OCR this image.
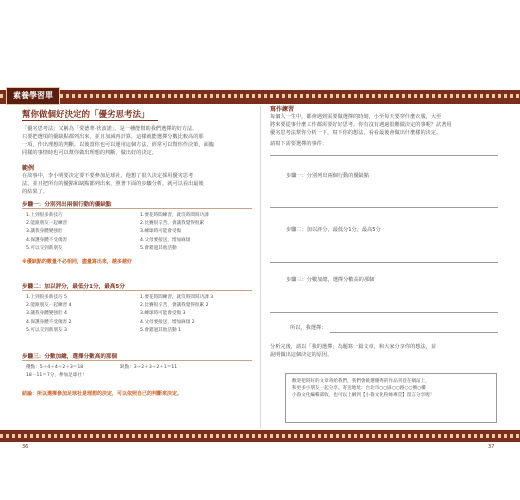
素養學習單
幫你做個好決定的「優劣思考法」
「優劣思考法」又稱為「愛德華·狄波諾」，是一種能幫助我們選擇的好方法，
只要把選項的優缺點都列出來，並且加減再計算，這樣就能選擇分數比較高的那
一項，作出理想的判斷。以後當你也可以運用這個方法，經常可以幫你作決策，面臨
同樣的事情時也可以幫你做出理想的判斷，做出好的決定。
範例
在故事中，李小明要決定要不要參加足球社，他想了很久決定採用優劣思考
法，並且把所有的優點和缺點都列出來，照著下面的步驟分析，就可以看出最後
的結果了。
步驟一：分別列出兩個行動的優缺點
1.上到很多新技巧
2.能跟朋友一起練習
3.讓我身體變強壯
4.保護身體不受傷害
5.可以交到新朋友
1.要花時間練習，就沒時間寫功課
2.比賽很辛苦，會讓我覺得很累
3.練球時可能會受傷
4.父母要接送，增加麻煩
5.會錯過其他活動
※優缺點的數量不必相同，盡量寫出來，越多越好
步驟二：加以評分，最低分1分，最高5分
1.上到很多新技巧 5
2.能跟朋友一起練習 4
3.讓我身體變強壯 4
4.保護身體不受傷害 2
5.可以交到新朋友 3
1.要花時間練習，就沒時間寫功課 3
2.比賽很辛苦，會讓我覺得很累 2
3.練球時可能會受傷 3
4.父母要接送，增加麻煩 2
5.會錯過其他活動 1
步驟三：分數加總，選擇分數高的那個
優點：5＋4＋4＋2＋3＝18
18－11＝7分，參加足球社！
缺點：3＋2＋3＋2＋1＝11
結論：所以選擇參加足球社是理想的決定，可以依照自己的判斷來決定。
寫作練習
每個人一生中，都會遇到需要做選擇的時刻，小至每天要穿什麼衣服，大至
將來要從事什麼工作都需要好好思考。你有沒有遇過很難做決定的事呢？試著用
優劣思考法幫你分析一下，寫下你的想法，看看最後會做出什麼樣的決定。
請寫下需要選擇的事件：
步驟一：分別列出兩個行動的優缺點
步驟二：加以評分，最低分1分，最高5分
步驟三：分數加總，選擇分數高的那個
所以，我選擇：
分析完後，請以「我的選擇」為題寫一篇文章，和大家分享你的想法，並
說明做出這個決定的原因。
歡迎把寫好的文章寄給我們，我們會挑選優秀的作品刊登在網站上，
和更多小朋友一起分享。寄送地址：台北市○○區○○路○○號○樓
小魯文化編輯部收，也可以上網到【小魯文化粉絲專頁】留言分享喔！
36	37
